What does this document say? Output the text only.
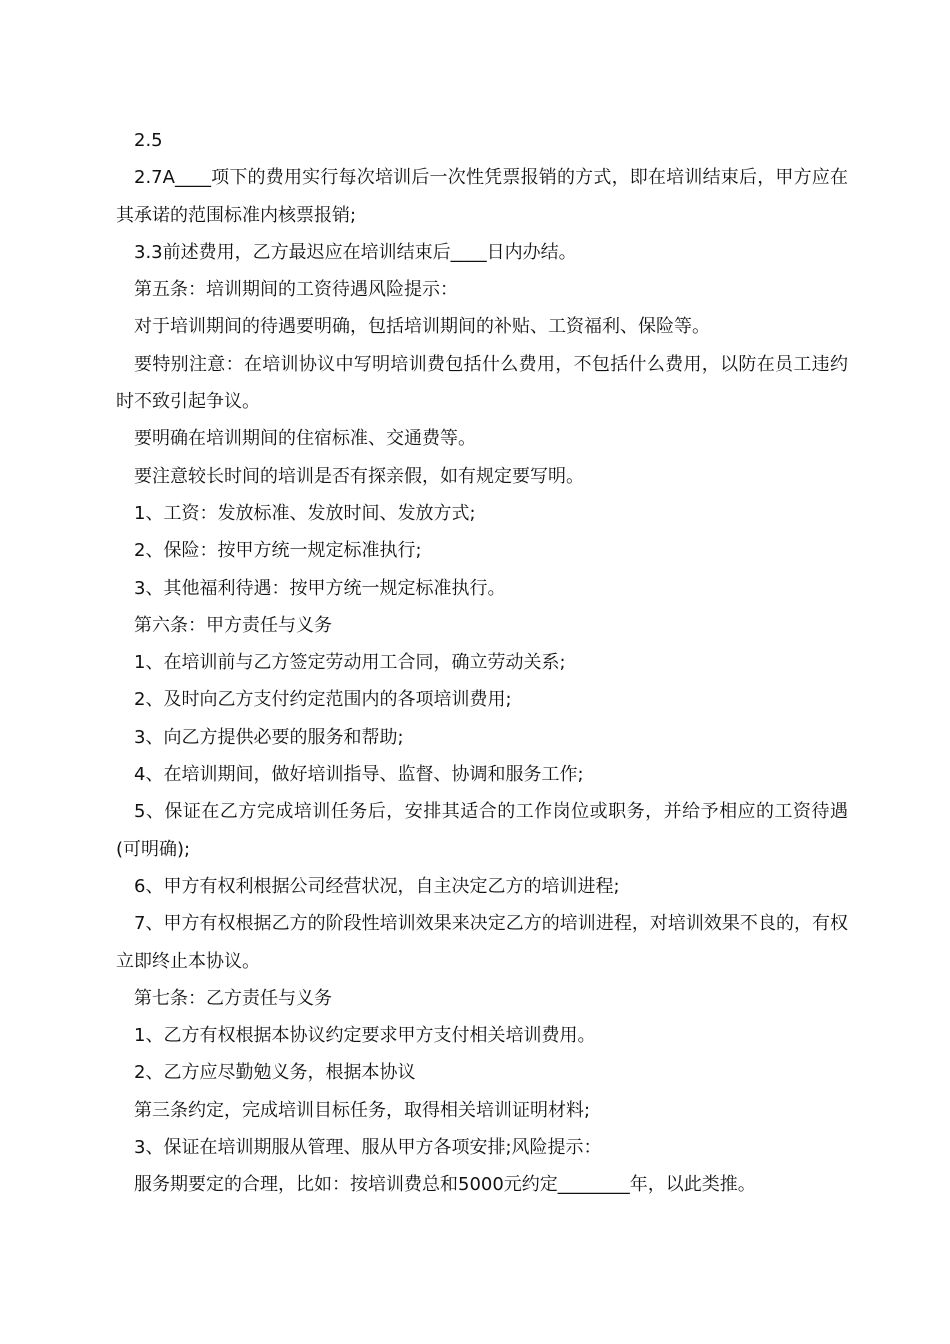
2.5

2.7A____项下的费用实行每次培训后一次性凭票报销的方式，即在培训结束后，甲方应在其承诺的范围标准内核票报销;

3.3前述费用，乙方最迟应在培训结束后____日内办结。

第五条：培训期间的工资待遇风险提示：

对于培训期间的待遇要明确，包括培训期间的补贴、工资福利、保险等。

要特别注意：在培训协议中写明培训费包括什么费用，不包括什么费用，以防在员工违约时不致引起争议。

要明确在培训期间的住宿标准、交通费等。

要注意较长时间的培训是否有探亲假，如有规定要写明。

1、工资：发放标准、发放时间、发放方式;

2、保险：按甲方统一规定标准执行;

3、其他福利待遇：按甲方统一规定标准执行。

第六条：甲方责任与义务

1、在培训前与乙方签定劳动用工合同，确立劳动关系;

2、及时向乙方支付约定范围内的各项培训费用;

3、向乙方提供必要的服务和帮助;

4、在培训期间，做好培训指导、监督、协调和服务工作;

5、保证在乙方完成培训任务后，安排其适合的工作岗位或职务，并给予相应的工资待遇(可明确);

6、甲方有权利根据公司经营状况，自主决定乙方的培训进程;

7、甲方有权根据乙方的阶段性培训效果来决定乙方的培训进程，对培训效果不良的，有权立即终止本协议。

第七条：乙方责任与义务

1、乙方有权根据本协议约定要求甲方支付相关培训费用。

2、乙方应尽勤勉义务，根据本协议

第三条约定，完成培训目标任务，取得相关培训证明材料;

3、保证在培训期服从管理、服从甲方各项安排;风险提示：

服务期要定的合理，比如：按培训费总和5000元约定________年，以此类推。
